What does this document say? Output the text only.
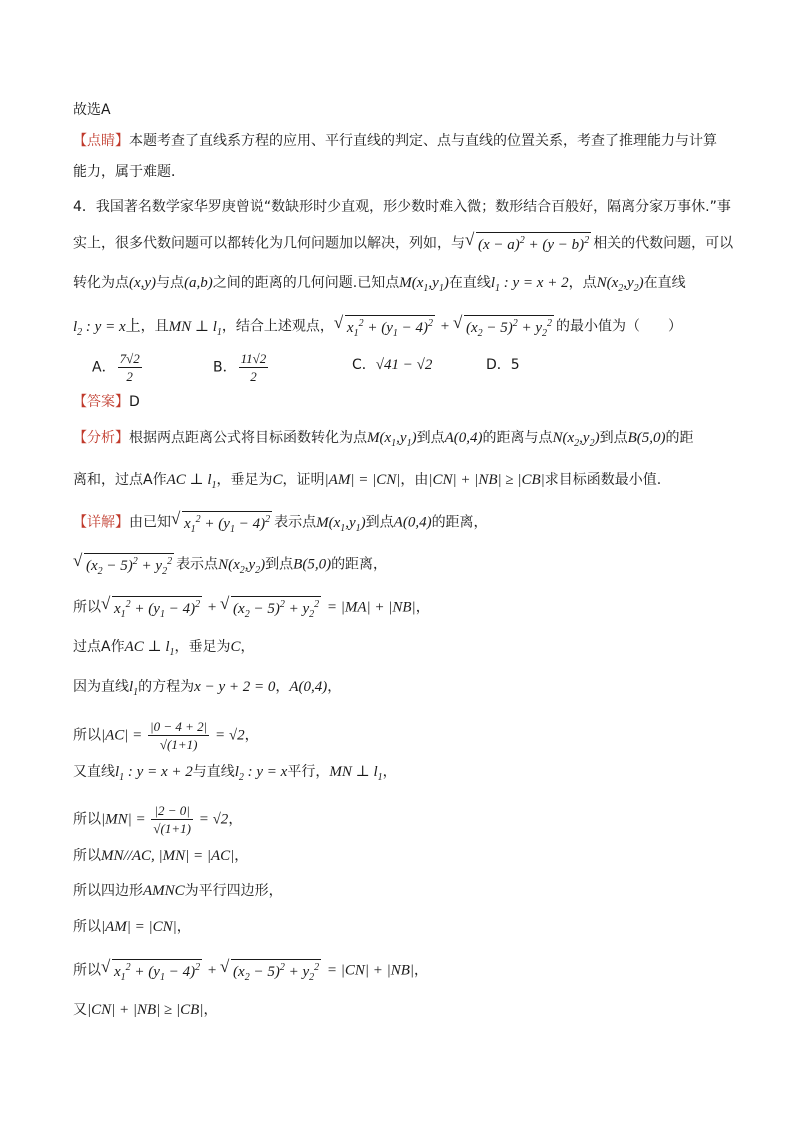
故选A
【点睛】本题考查了直线系方程的应用、平行直线的判定、点与直线的位置关系，考查了推理能力与计算
能力，属于难题．
4．我国著名数学家华罗庚曾说“数缺形时少直观，形少数时难入微；数形结合百般好，隔离分家万事休.”事
实上，很多代数问题可以都转化为几何问题加以解决，列如，与 √ $(x - a)^2 + (y - b)^2$ 相关的代数问题，可以
转化为点(x,y)与点(a,b)之间的距离的几何问题.已知点$M(x_1,y_1)$在直线$l_1$ : y = x + 2，点$N(x_2,y_2)$在直线
$l_2$ : y = x上，且MN ⊥ $l_1$，结合上述观点， √ $x_1^2 + (y_1 - 4)^2$ + √ $(x_2 - 5)^2 + y_2^2$ 的最小值为（　　）
A． $\frac{7√2}{2}$	B． $\frac{11√2}{2}$	C．√41 − √2	D．5
【答案】D
【分析】根据两点距离公式将目标函数转化为点$M(x_1,y_1)$到点A(0,4)的距离与点$N(x_2,y_2)$到点B(5,0)的距
离和，过点A作AC ⊥ $l_1$，垂足为C，证明|AM| = |CN|，由|CN| + |NB| ≥ |CB|求目标函数最小值.
【详解】由已知 √ $x_1^2 + (y_1 - 4)^2$ 表示点$M(x_1,y_1)$到点A(0,4)的距离，
√ $(x_2 - 5)^2 + y_2^2$ 表示点$N(x_2,y_2)$到点B(5,0)的距离，
所以 √ $x_1^2 + (y_1 - 4)^2$ + √ $(x_2 - 5)^2 + y_2^2 = |MA| + |NB|$，
过点A作AC ⊥ $l_1$，垂足为C，
因为直线$l_1$的方程为x − y + 2 = 0，A(0,4)，
所以$|AC| = \frac{|0 - 4 + 2|}{√(1+1)} = √2$，
又直线$l_1$ : y = x + 2与直线$l_2$ : y = x平行，MN ⊥ $l_1$，
所以$|MN| = \frac{|2 - 0|}{√(1+1)} = √2$，
所以MN//AC, |MN| = |AC|，
所以四边形AMNC为平行四边形，
所以|AM| = |CN|，
所以 √ $x_1^2 + (y_1 - 4)^2$ + √ $(x_2 - 5)^2 + y_2^2 = |CN| + |NB|$，
又|CN| + |NB| ≥ |CB|，
